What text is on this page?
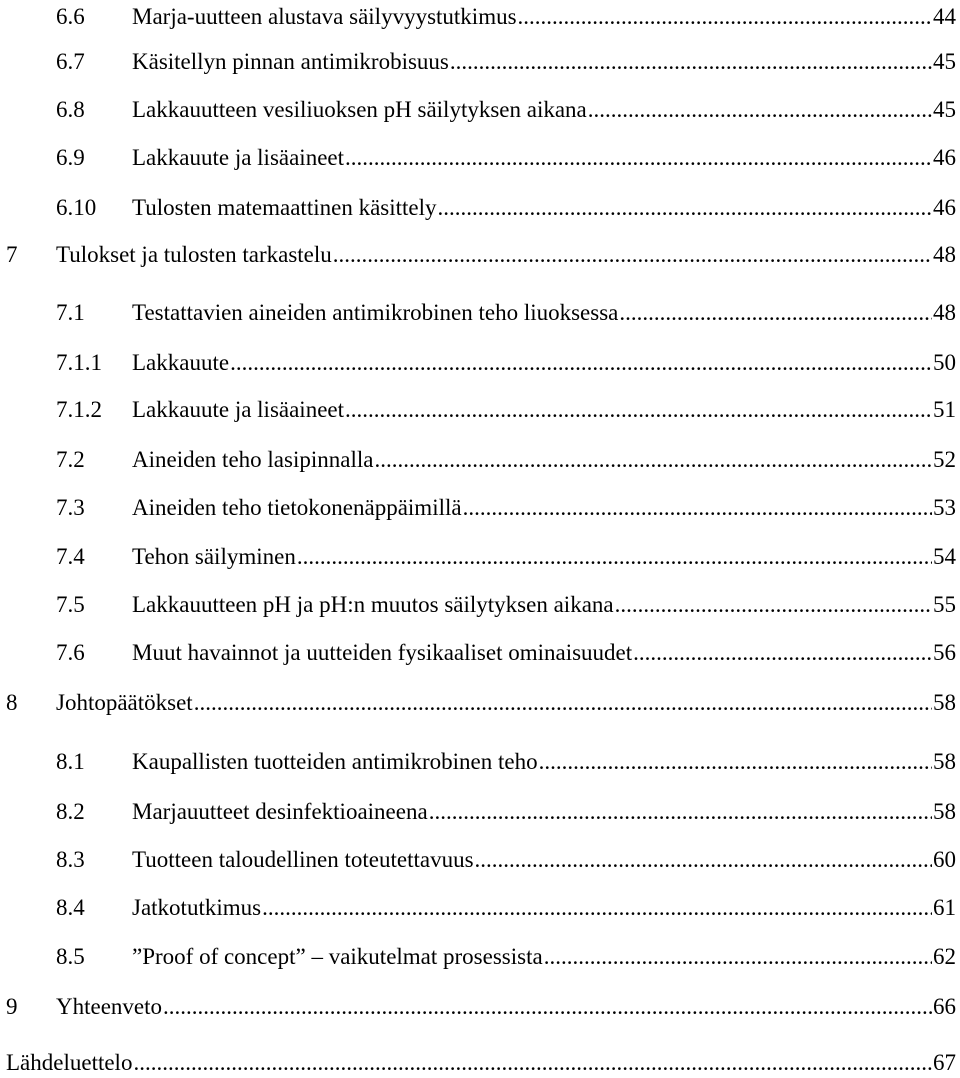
6.6 Marja-uutteen alustava säilyvyystutkimus .....	44
6.7 Käsitellyn pinnan antimikrobisuus .....	45
6.8 Lakkauutteen vesiliuoksen pH säilytyksen aikana .....	45
6.9 Lakkauute ja lisäaineet .....	46
6.10 Tulosten matemaattinen käsittely .....	46
7 Tulokset ja tulosten tarkastelu .....	48
7.1 Testattavien aineiden antimikrobinen teho liuoksessa .....	48
7.1.1 Lakkauute .....	50
7.1.2 Lakkauute ja lisäaineet .....	51
7.2 Aineiden teho lasipinnalla .....	52
7.3 Aineiden teho tietokonenäppäimillä .....	53
7.4 Tehon säilyminen .....	54
7.5 Lakkauutteen pH ja pH:n muutos säilytyksen aikana .....	55
7.6 Muut havainnot ja uutteiden fysikaaliset ominaisuudet .....	56
8 Johtopäätökset .....	58
8.1 Kaupallisten tuotteiden antimikrobinen teho .....	58
8.2 Marjauutteet desinfektioaineena .....	58
8.3 Tuotteen taloudellinen toteutettavuus .....	60
8.4 Jatkotutkimus .....	61
8.5 ”Proof of concept” – vaikutelmat prosessista .....	62
9 Yhteenveto .....	66
Lähdeluettelo .....	67
